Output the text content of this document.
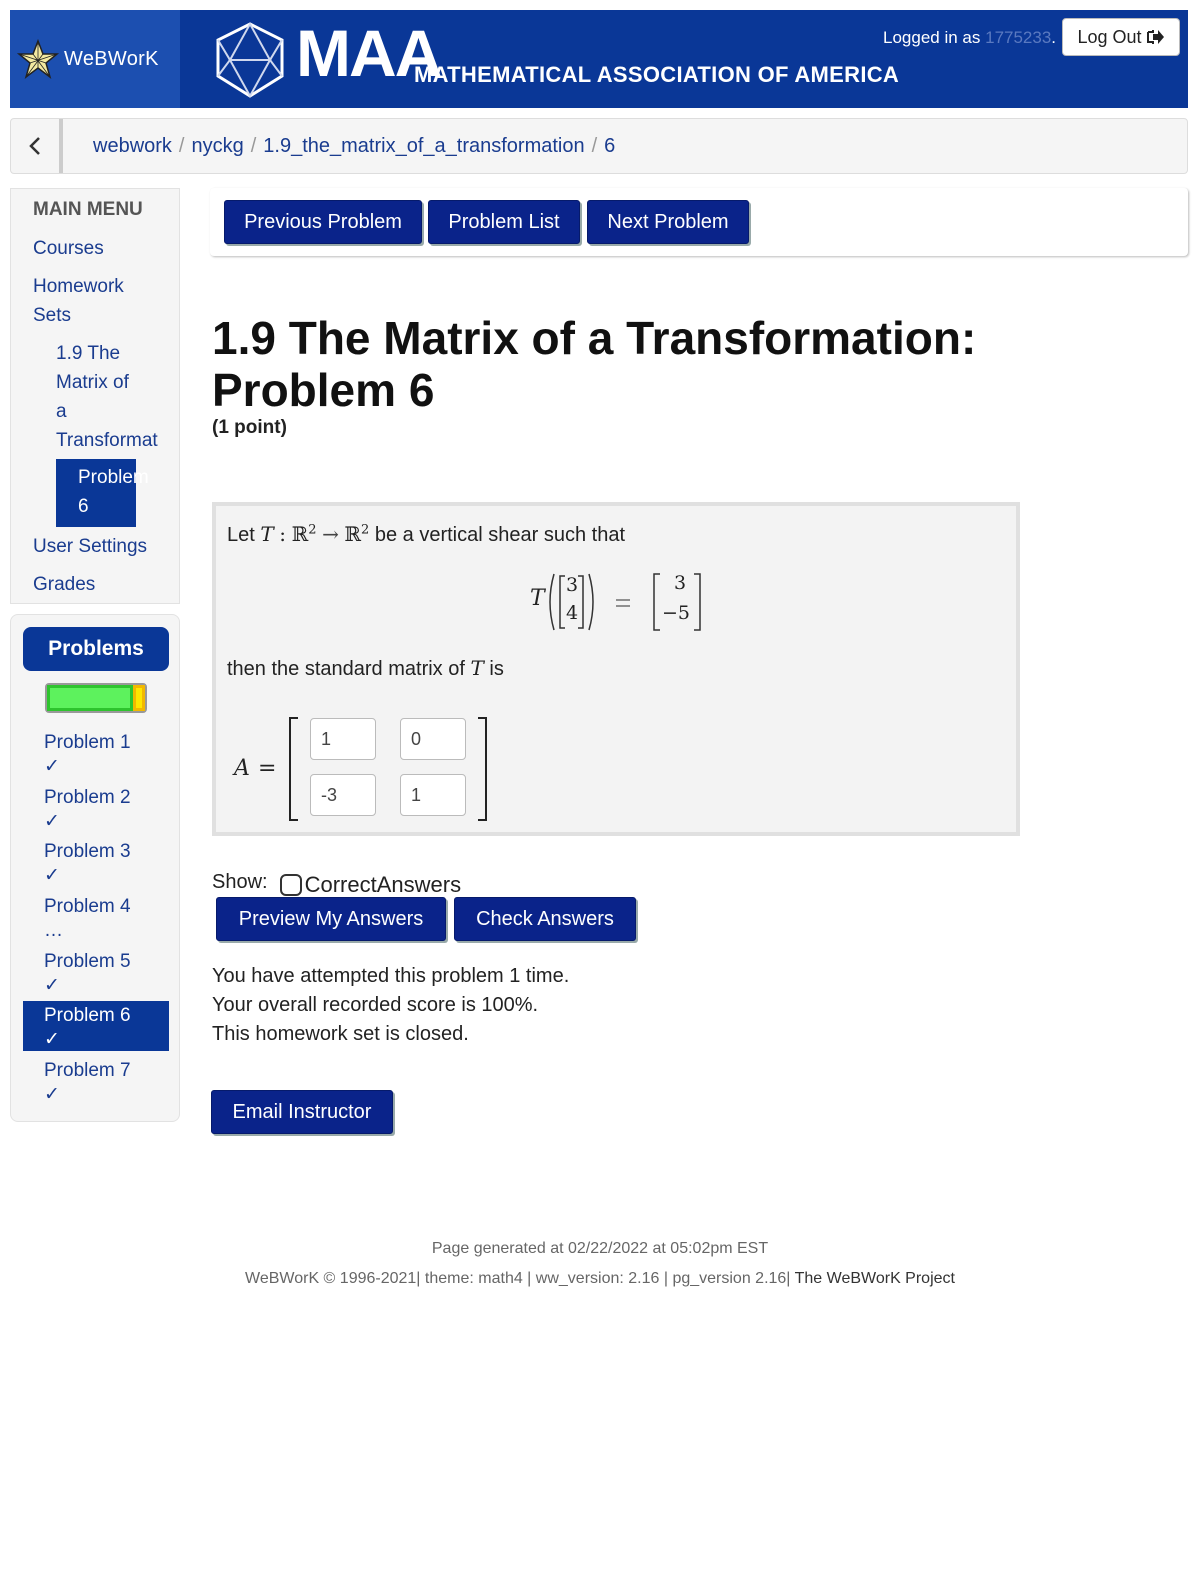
WeBWorK MAA
MATHEMATICAL ASSOCIATION OF AMERICA
Logged in as 1775233. Log Out
webwork / nyckg / 1.9_the_matrix_of_a_transformation / 6
MAIN MENU
Courses
Homework
Sets
1.9 The
Matrix of
a
Transformat
Problem
6
User Settings
Grades
Problems
Problem 1
✓
Problem 2
✓
Problem 3
✓
Problem 4
…
Problem 5
✓
Problem 6
✓
Problem 7
✓
Previous Problem	Problem List	Next Problem
1.9 The Matrix of a Transformation: Problem 6
(1 point)
Let T : ℝ$^2$ → ℝ$^2$ be a vertical shear such that
T
3
4
3
−5
then the standard matrix of T is
A =
1	0
-3	1
Show: CorrectAnswers
Preview My Answers	Check Answers
You have attempted this problem 1 time.
Your overall recorded score is 100%.
This homework set is closed.
Email Instructor
Page generated at 02/22/2022 at 05:02pm EST
WeBWorK © 1996-2021| theme: math4 | ww_version: 2.16 | pg_version 2.16| The WeBWorK Project
